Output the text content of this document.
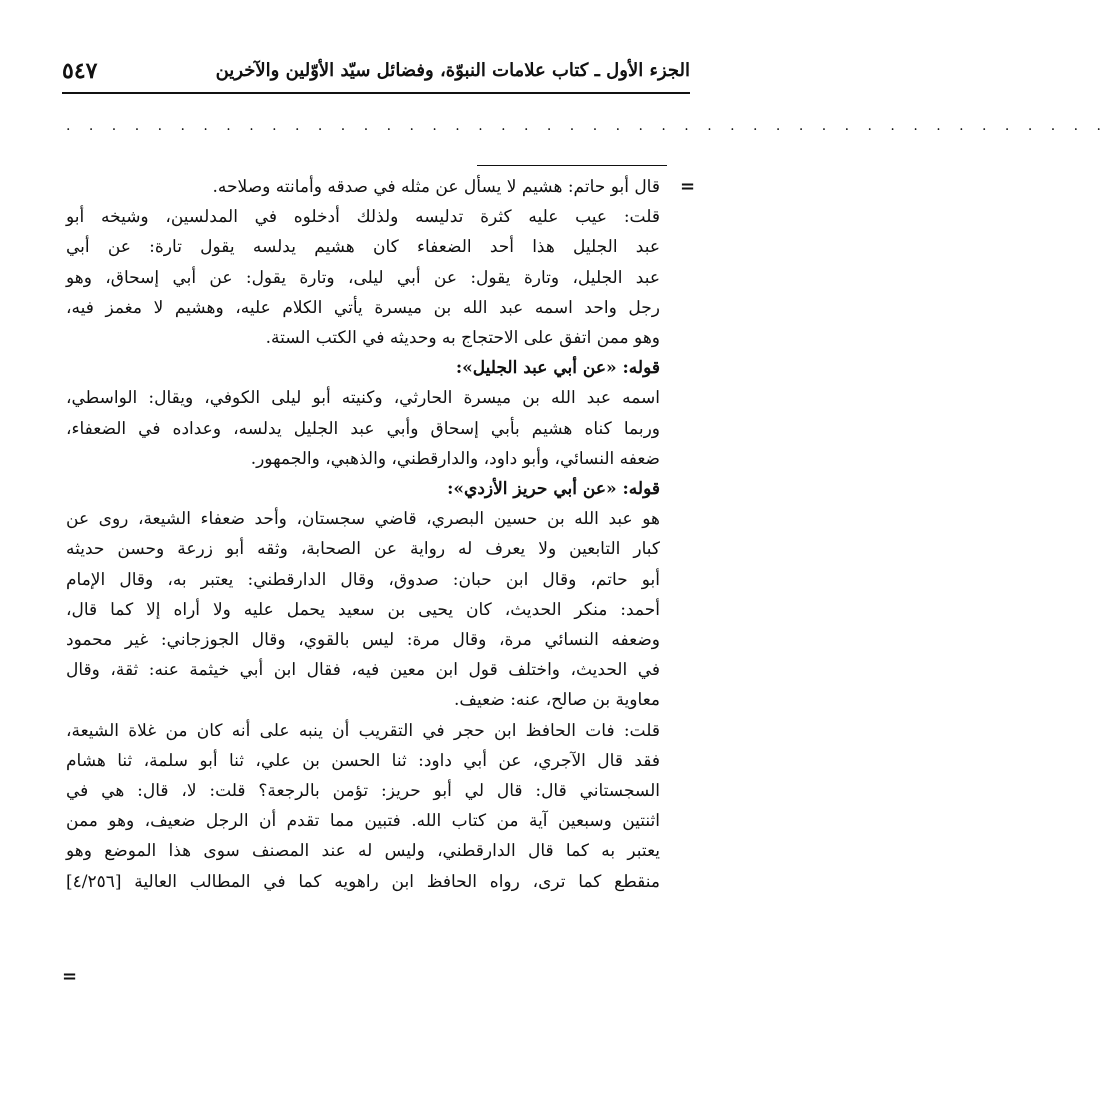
الجزء الأول ـ كتاب علامات النبوّة، وفضائل سيّد الأوّلين والآخرين
٥٤٧
. . . . . . . . . . . . . . . . . . . . . . . . . . . . . . . . . . . . . . . . . . . . . .
=

قال أبو حاتم: هشيم لا يسأل عن مثله في صدقه وأمانته وصلاحه.

قلت: عيب عليه كثرة تدليسه ولذلك أدخلوه في المدلسين، وشيخه أبو

عبد الجليل هذا أحد الضعفاء كان هشيم يدلسه يقول تارة: عن أبي

عبد الجليل، وتارة يقول: عن أبي ليلى، وتارة يقول: عن أبي إسحاق، وهو

رجل واحد اسمه عبد الله بن ميسرة يأتي الكلام عليه، وهشيم لا مغمز فيه،

وهو ممن اتفق على الاحتجاج به وحديثه في الكتب الستة.

قوله: «عن أبي عبد الجليل»:

اسمه عبد الله بن ميسرة الحارثي، وكنيته أبو ليلى الكوفي، ويقال: الواسطي،

وربما كناه هشيم بأبي إسحاق وأبي عبد الجليل يدلسه، وعداده في الضعفاء،

ضعفه النسائي، وأبو داود، والدارقطني، والذهبي، والجمهور.

قوله: «عن أبي حريز الأزدي»:

هو عبد الله بن حسين البصري، قاضي سجستان، وأحد ضعفاء الشيعة، روى عن

كبار التابعين ولا يعرف له رواية عن الصحابة، وثقه أبو زرعة وحسن حديثه

أبو حاتم، وقال ابن حبان: صدوق، وقال الدارقطني: يعتبر به، وقال الإمام

أحمد: منكر الحديث، كان يحيى بن سعيد يحمل عليه ولا أراه إلا كما قال،

وضعفه النسائي مرة، وقال مرة: ليس بالقوي، وقال الجوزجاني: غير محمود

في الحديث، واختلف قول ابن معين فيه، فقال ابن أبي خيثمة عنه: ثقة، وقال

معاوية بن صالح، عنه: ضعيف.

قلت: فات الحافظ ابن حجر في التقريب أن ينبه على أنه كان من غلاة الشيعة،

فقد قال الآجري، عن أبي داود: ثنا الحسن بن علي، ثنا أبو سلمة، ثنا هشام

السجستاني قال: قال لي أبو حريز: تؤمن بالرجعة؟ قلت: لا، قال: هي في

اثنتين وسبعين آية من كتاب الله. فتبين مما تقدم أن الرجل ضعيف، وهو ممن

يعتبر به كما قال الدارقطني، وليس له عند المصنف سوى هذا الموضع وهو

منقطع كما ترى، رواه الحافظ ابن راهويه كما في المطالب العالية [٤/٢٥٦]

=
